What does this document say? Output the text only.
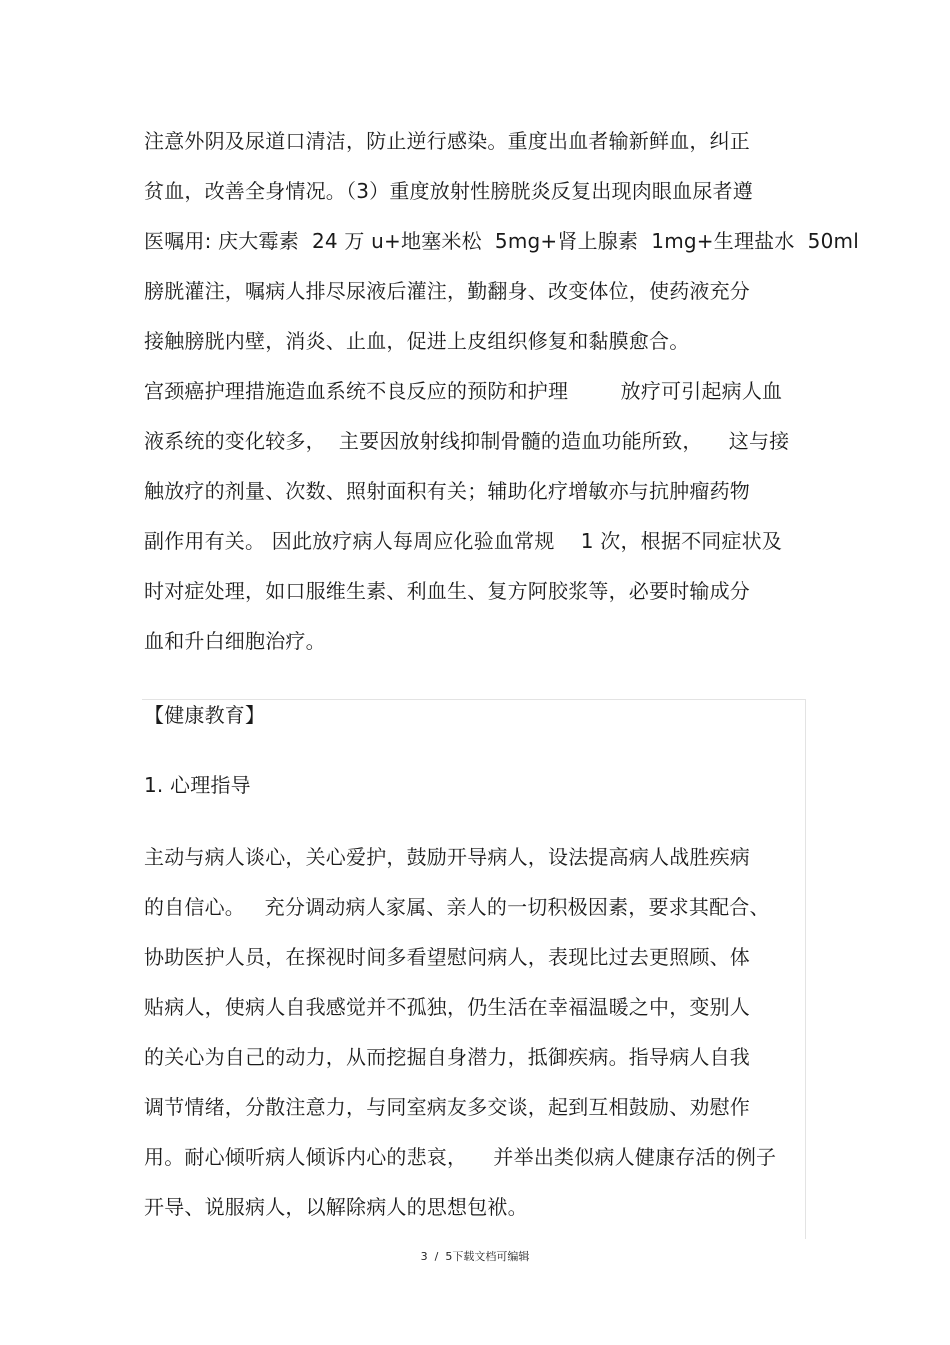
注意外阴及尿道口清洁，防止逆行感染。重度出血者输新鲜血，纠正
贫血，改善全身情况。（3）重度放射性膀胱炎反复出现肉眼血尿者遵
医嘱用: 庆大霉素  24 万 u+地塞米松  5mg+肾上腺素  1mg+生理盐水  50ml
膀胱灌注，嘱病人排尽尿液后灌注，勤翻身、改变体位，使药液充分
接触膀胱内壁，消炎、止血，促进上皮组织修复和黏膜愈合。
宫颈癌护理措施造血系统不良反应的预防和护理        放疗可引起病人血
液系统的变化较多，  主要因放射线抑制骨髓的造血功能所致，    这与接
触放疗的剂量、次数、照射面积有关；辅助化疗增敏亦与抗肿瘤药物
副作用有关。 因此放疗病人每周应化验血常规    1 次，根据不同症状及
时对症处理，如口服维生素、利血生、复方阿胶浆等，必要时输成分
血和升白细胞治疗。
【健康教育】
1. 心理指导
主动与病人谈心，关心爱护，鼓励开导病人，设法提高病人战胜疾病
的自信心。   充分调动病人家属、亲人的一切积极因素，要求其配合、
协助医护人员，在探视时间多看望慰问病人，表现比过去更照顾、体
贴病人，使病人自我感觉并不孤独，仍生活在幸福温暖之中，变别人
的关心为自己的动力，从而挖掘自身潜力，抵御疾病。指导病人自我
调节情绪，分散注意力，与同室病友多交谈，起到互相鼓励、劝慰作
用。耐心倾听病人倾诉内心的悲哀，    并举出类似病人健康存活的例子
开导、说服病人，以解除病人的思想包袱。
3  /  5下载文档可编辑
